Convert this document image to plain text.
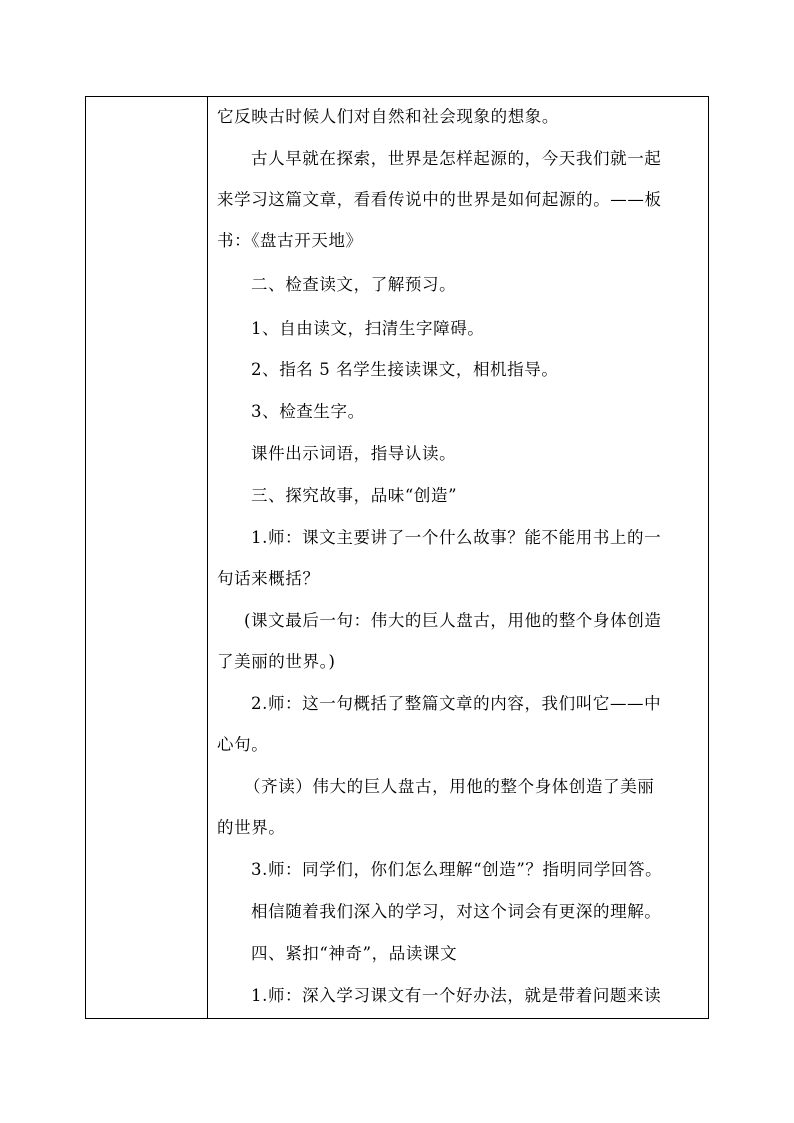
它反映古时候人们对自然和社会现象的想象。
古人早就在探索，世界是怎样起源的，今天我们就一起
来学习这篇文章，看看传说中的世界是如何起源的。——板
书：《盘古开天地》
二、检查读文，了解预习。
1、自由读文，扫清生字障碍。
2、指名 5 名学生接读课文，相机指导。
3、检查生字。
课件出示词语，指导认读。
三、探究故事，品味“创造”
1.师：课文主要讲了一个什么故事？能不能用书上的一
句话来概括？
(课文最后一句：伟大的巨人盘古，用他的整个身体创造
了美丽的世界。)
2.师：这一句概括了整篇文章的内容，我们叫它——中
心句。
（齐读）伟大的巨人盘古，用他的整个身体创造了美丽
的世界。
3.师：同学们，你们怎么理解“创造”？指明同学回答。
相信随着我们深入的学习，对这个词会有更深的理解。
四、紧扣“神奇”，品读课文
1.师：深入学习课文有一个好办法，就是带着问题来读
